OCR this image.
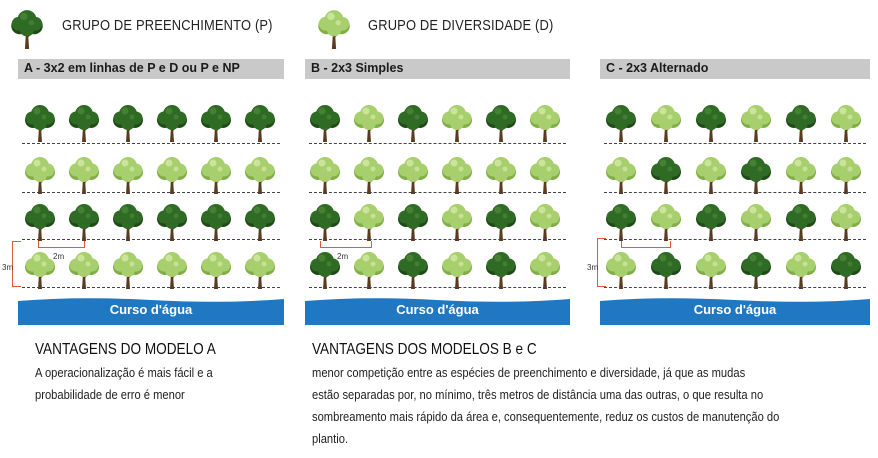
GRUPO DE PREENCHIMENTO (P)	GRUPO DE DIVERSIDADE (D)
A - 3x2 em linhas de P e D ou P e NP	B - 2x3 Simples	C - 2x3 Alternado
3m
2m	2m
3m
Curso d'água	Curso d'água	Curso d'água
VANTAGENS DO MODELO A
A operacionalização é mais fácil e a
probabilidade de erro é menor
VANTAGENS DOS MODELOS B e C
menor competição entre as espécies de preenchimento e diversidade, já que as mudas
estão separadas por, no mínimo, três metros de distância uma das outras, o que resulta no
sombreamento mais rápido da área e, consequentemente, reduz os custos de manutenção do
plantio.
